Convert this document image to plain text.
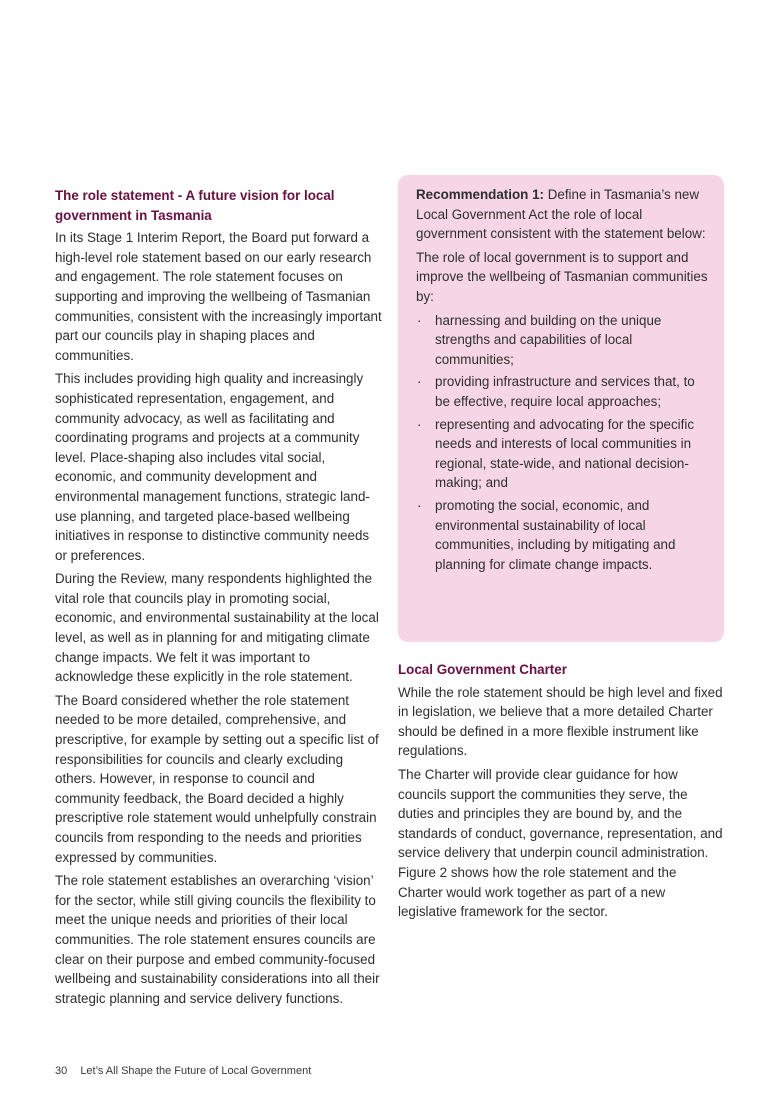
The role statement - A future vision for local government in Tasmania

In its Stage 1 Interim Report, the Board put forward a high-level role statement based on our early research and engagement. The role statement focuses on supporting and improving the wellbeing of Tasmanian communities, consistent with the increasingly important part our councils play in shaping places and communities.

This includes providing high quality and increasingly sophisticated representation, engagement, and community advocacy, as well as facilitating and coordinating programs and projects at a community level. Place-shaping also includes vital social, economic, and community development and environmental management functions, strategic land-use planning, and targeted place-based wellbeing initiatives in response to distinctive community needs or preferences.

During the Review, many respondents highlighted the vital role that councils play in promoting social, economic, and environmental sustainability at the local level, as well as in planning for and mitigating climate change impacts. We felt it was important to acknowledge these explicitly in the role statement.

The Board considered whether the role statement needed to be more detailed, comprehensive, and prescriptive, for example by setting out a specific list of responsibilities for councils and clearly excluding others. However, in response to council and community feedback, the Board decided a highly prescriptive role statement would unhelpfully constrain councils from responding to the needs and priorities expressed by communities.

The role statement establishes an overarching ‘vision’ for the sector, while still giving councils the flexibility to meet the unique needs and priorities of their local communities. The role statement ensures councils are clear on their purpose and embed community-focused wellbeing and sustainability considerations into all their strategic planning and service delivery functions.

Recommendation 1: Define in Tasmania’s new Local Government Act the role of local government consistent with the statement below:

The role of local government is to support and improve the wellbeing of Tasmanian communities by:

· harnessing and building on the unique strengths and capabilities of local communities;
· providing infrastructure and services that, to be effective, require local approaches;
· representing and advocating for the specific needs and interests of local communities in regional, state-wide, and national decision-making; and
· promoting the social, economic, and environmental sustainability of local communities, including by mitigating and planning for climate change impacts.
Local Government Charter

While the role statement should be high level and fixed in legislation, we believe that a more detailed Charter should be defined in a more flexible instrument like regulations.

The Charter will provide clear guidance for how councils support the communities they serve, the duties and principles they are bound by, and the standards of conduct, governance, representation, and service delivery that underpin council administration. Figure 2 shows how the role statement and the Charter would work together as part of a new legislative framework for the sector.

30 Let’s All Shape the Future of Local Government
